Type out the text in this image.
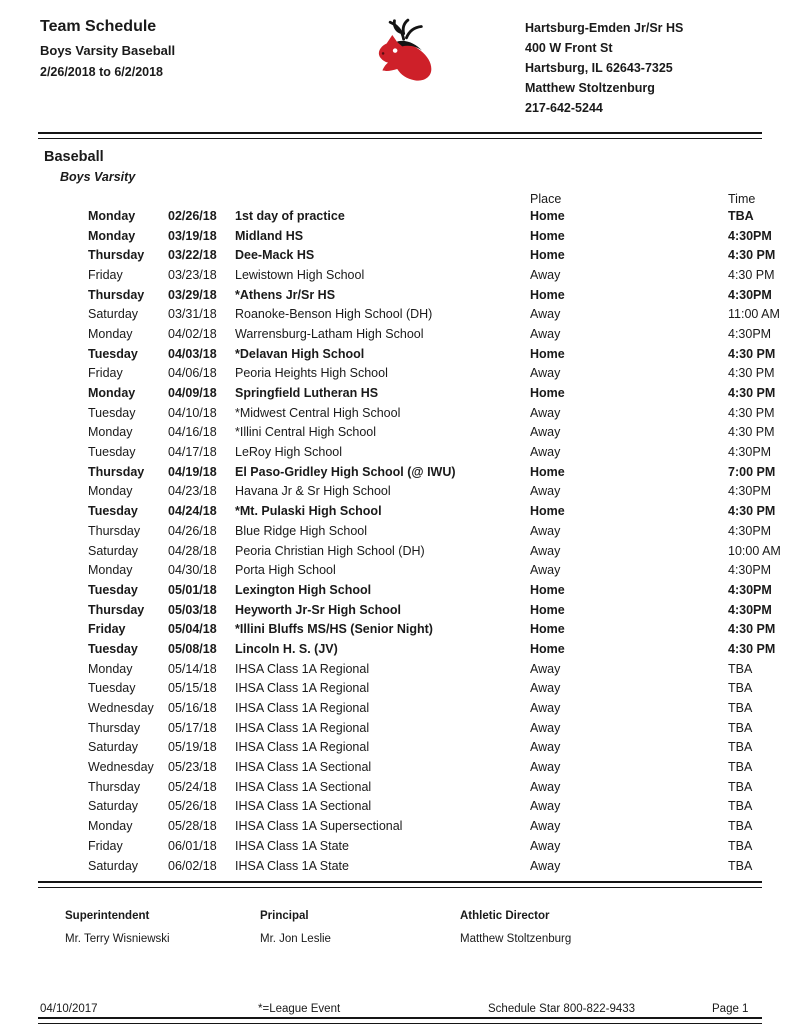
Team Schedule
Boys Varsity Baseball
2/26/2018 to 6/2/2018
Hartsburg-Emden Jr/Sr HS
400 W Front St
Hartsburg, IL 62643-7325
Matthew Stoltzenburg
217-642-5244
Baseball
Boys Varsity
Place	Time
Monday	02/26/18	1st day of practice	Home	TBA
Monday	03/19/18	Midland HS	Home	4:30PM
Thursday	03/22/18	Dee-Mack HS	Home	4:30 PM
Friday	03/23/18	Lewistown High School	Away	4:30 PM
Thursday	03/29/18	*Athens Jr/Sr HS	Home	4:30PM
Saturday	03/31/18	Roanoke-Benson High School (DH)	Away	11:00 AM
Monday	04/02/18	Warrensburg-Latham High School	Away	4:30PM
Tuesday	04/03/18	*Delavan High School	Home	4:30 PM
Friday	04/06/18	Peoria Heights High School	Away	4:30 PM
Monday	04/09/18	Springfield Lutheran HS	Home	4:30 PM
Tuesday	04/10/18	*Midwest Central High School	Away	4:30 PM
Monday	04/16/18	*Illini Central High School	Away	4:30 PM
Tuesday	04/17/18	LeRoy High School	Away	4:30PM
Thursday	04/19/18	El Paso-Gridley High School (@ IWU)	Home	7:00 PM
Monday	04/23/18	Havana Jr & Sr High School	Away	4:30PM
Tuesday	04/24/18	*Mt. Pulaski High School	Home	4:30 PM
Thursday	04/26/18	Blue Ridge High School	Away	4:30PM
Saturday	04/28/18	Peoria Christian High School (DH)	Away	10:00 AM
Monday	04/30/18	Porta High School	Away	4:30PM
Tuesday	05/01/18	Lexington High School	Home	4:30PM
Thursday	05/03/18	Heyworth Jr-Sr High School	Home	4:30PM
Friday	05/04/18	*Illini Bluffs MS/HS (Senior Night)	Home	4:30 PM
Tuesday	05/08/18	Lincoln H. S. (JV)	Home	4:30 PM
Monday	05/14/18	IHSA Class 1A Regional	Away	TBA
Tuesday	05/15/18	IHSA Class 1A Regional	Away	TBA
Wednesday	05/16/18	IHSA Class 1A Regional	Away	TBA
Thursday	05/17/18	IHSA Class 1A Regional	Away	TBA
Saturday	05/19/18	IHSA Class 1A Regional	Away	TBA
Wednesday	05/23/18	IHSA Class 1A Sectional	Away	TBA
Thursday	05/24/18	IHSA Class 1A Sectional	Away	TBA
Saturday	05/26/18	IHSA Class 1A Sectional	Away	TBA
Monday	05/28/18	IHSA Class 1A Supersectional	Away	TBA
Friday	06/01/18	IHSA Class 1A State	Away	TBA
Saturday	06/02/18	IHSA Class 1A State	Away	TBA
Superintendent
Mr. Terry Wisniewski
Principal
Mr. Jon Leslie
Athletic Director
Matthew Stoltzenburg
04/10/2017	*=League Event	Schedule Star 800-822-9433	Page 1
